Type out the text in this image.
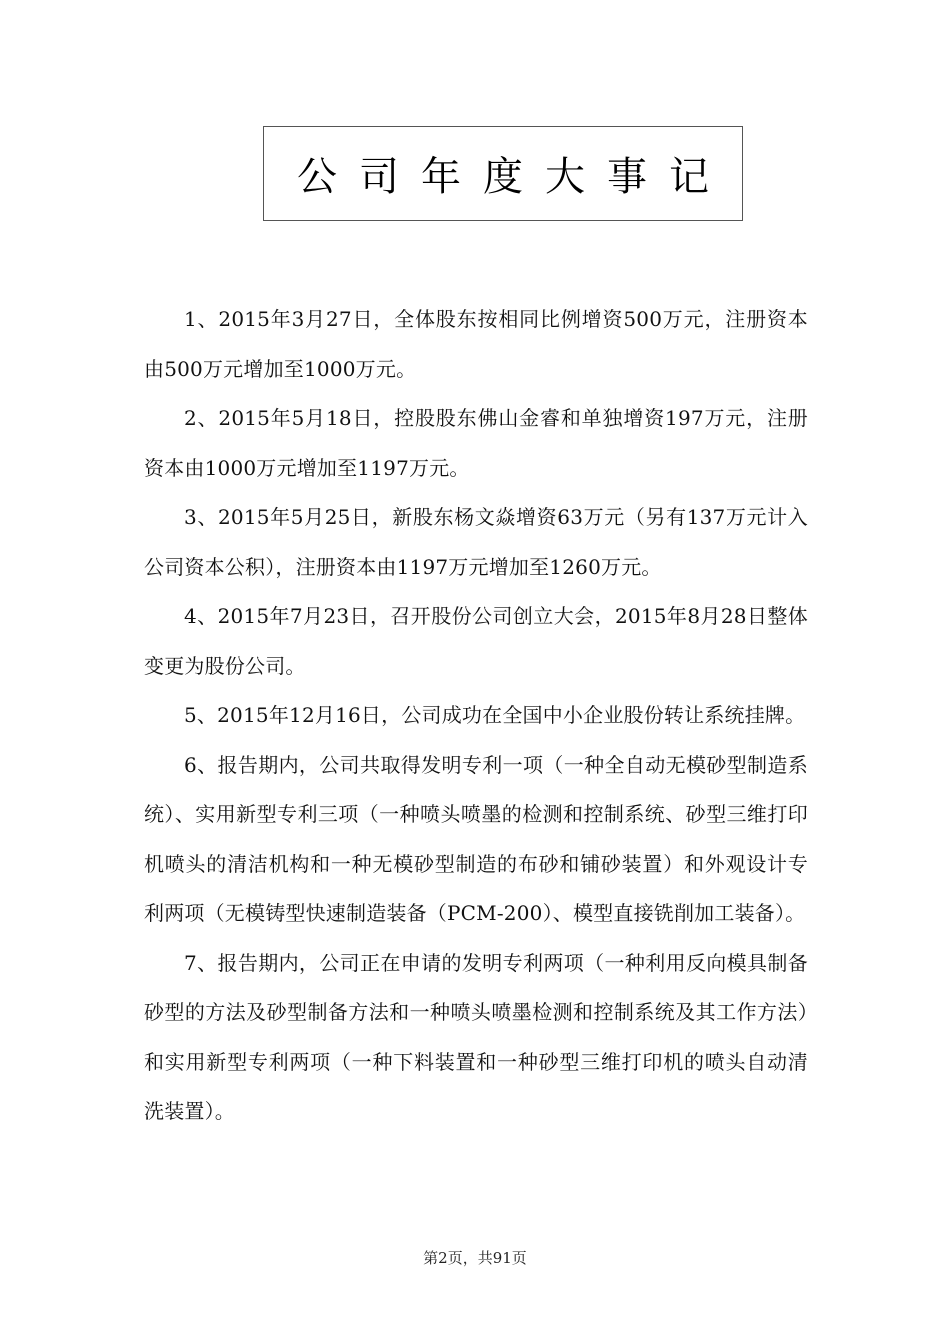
公司年度大事记

1、2015年3月27日，全体股东按相同比例增资500万元，注册资本由500万元增加至1000万元。

2、2015年5月18日，控股股东佛山金睿和单独增资197万元，注册资本由1000万元增加至1197万元。

3、2015年5月25日，新股东杨文焱增资63万元（另有137万元计入公司资本公积），注册资本由1197万元增加至1260万元。

4、2015年7月23日，召开股份公司创立大会，2015年8月28日整体变更为股份公司。

5、2015年12月16日，公司成功在全国中小企业股份转让系统挂牌。

6、报告期内，公司共取得发明专利一项（一种全自动无模砂型制造系统）、实用新型专利三项（一种喷头喷墨的检测和控制系统、砂型三维打印机喷头的清洁机构和一种无模砂型制造的布砂和铺砂装置）和外观设计专利两项（无模铸型快速制造装备（PCM-200）、模型直接铣削加工装备）。

7、报告期内，公司正在申请的发明专利两项（一种利用反向模具制备砂型的方法及砂型制备方法和一种喷头喷墨检测和控制系统及其工作方法）和实用新型专利两项（一种下料装置和一种砂型三维打印机的喷头自动清洗装置）。

第2页，共91页
